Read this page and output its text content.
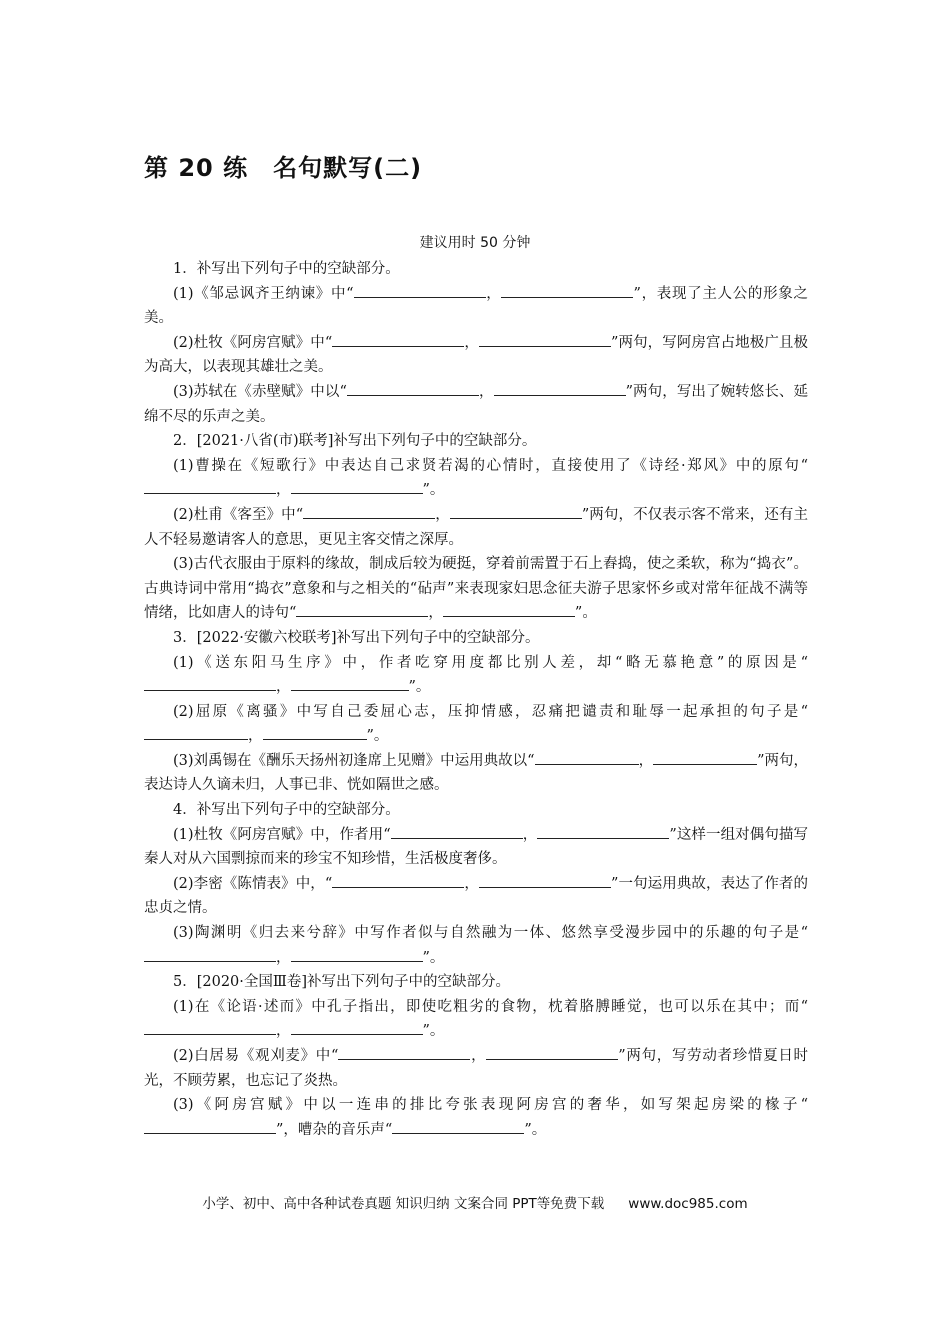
第 20 练　名句默写(二)
建议用时 50 分钟

1．补写出下列句子中的空缺部分。

(1)《邹忌讽齐王纳谏》中“	，	”，表现了主人公的形象之美。

(2)杜牧《阿房宫赋》中“	，	”两句，写阿房宫占地极广且极为高大，以表现其雄壮之美。

(3)苏轼在《赤壁赋》中以“	，	”两句，写出了婉转悠长、延绵不尽的乐声之美。

2．[2021·八省(市)联考]补写出下列句子中的空缺部分。

(1)曹操在《短歌行》中表达自己求贤若渴的心情时，直接使用了《诗经·郑风》中的原句“，	”。

(2)杜甫《客至》中“	，	”两句，不仅表示客不常来，还有主人不轻易邀请客人的意思，更见主客交情之深厚。

(3)古代衣服由于原料的缘故，制成后较为硬挺，穿着前需置于石上舂捣，使之柔软，称为“捣衣”。古典诗词中常用“捣衣”意象和与之相关的“砧声”来表现家妇思念征夫游子思家怀乡或对常年征战不满等情绪，比如唐人的诗句“	，	”。

3．[2022·安徽六校联考]补写出下列句子中的空缺部分。

(1)《送东阳马生序》中，作者吃穿用度都比别人差，却“略无慕艳意”的原因是“，	”。

(2)屈原《离骚》中写自己委屈心志，压抑情感，忍痛把谴责和耻辱一起承担的句子是“，	”。

(3)刘禹锡在《酬乐天扬州初逢席上见赠》中运用典故以“	，	”两句，表达诗人久谪未归，人事已非、恍如隔世之感。

4．补写出下列句子中的空缺部分。

(1)杜牧《阿房宫赋》中，作者用“	，	”这样一组对偶句描写秦人对从六国剽掠而来的珍宝不知珍惜，生活极度奢侈。

(2)李密《陈情表》中，“	，	”一句运用典故，表达了作者的忠贞之情。

(3)陶渊明《归去来兮辞》中写作者似与自然融为一体、悠然享受漫步园中的乐趣的句子是“，	”。

5．[2020·全国Ⅲ卷]补写出下列句子中的空缺部分。

(1)在《论语·述而》中孔子指出，即使吃粗劣的食物，枕着胳膊睡觉，也可以乐在其中；而“，	”。

(2)白居易《观刈麦》中“	，	”两句，写劳动者珍惜夏日时光，不顾劳累，也忘记了炎热。

(3)《阿房宫赋》中以一连串的排比夸张表现阿房宫的奢华，如写架起房梁的椽子“”，嘈杂的音乐声“	”。

小学、初中、高中各种试卷真题 知识归纳 文案合同 PPT等免费下载 www.doc985.com
